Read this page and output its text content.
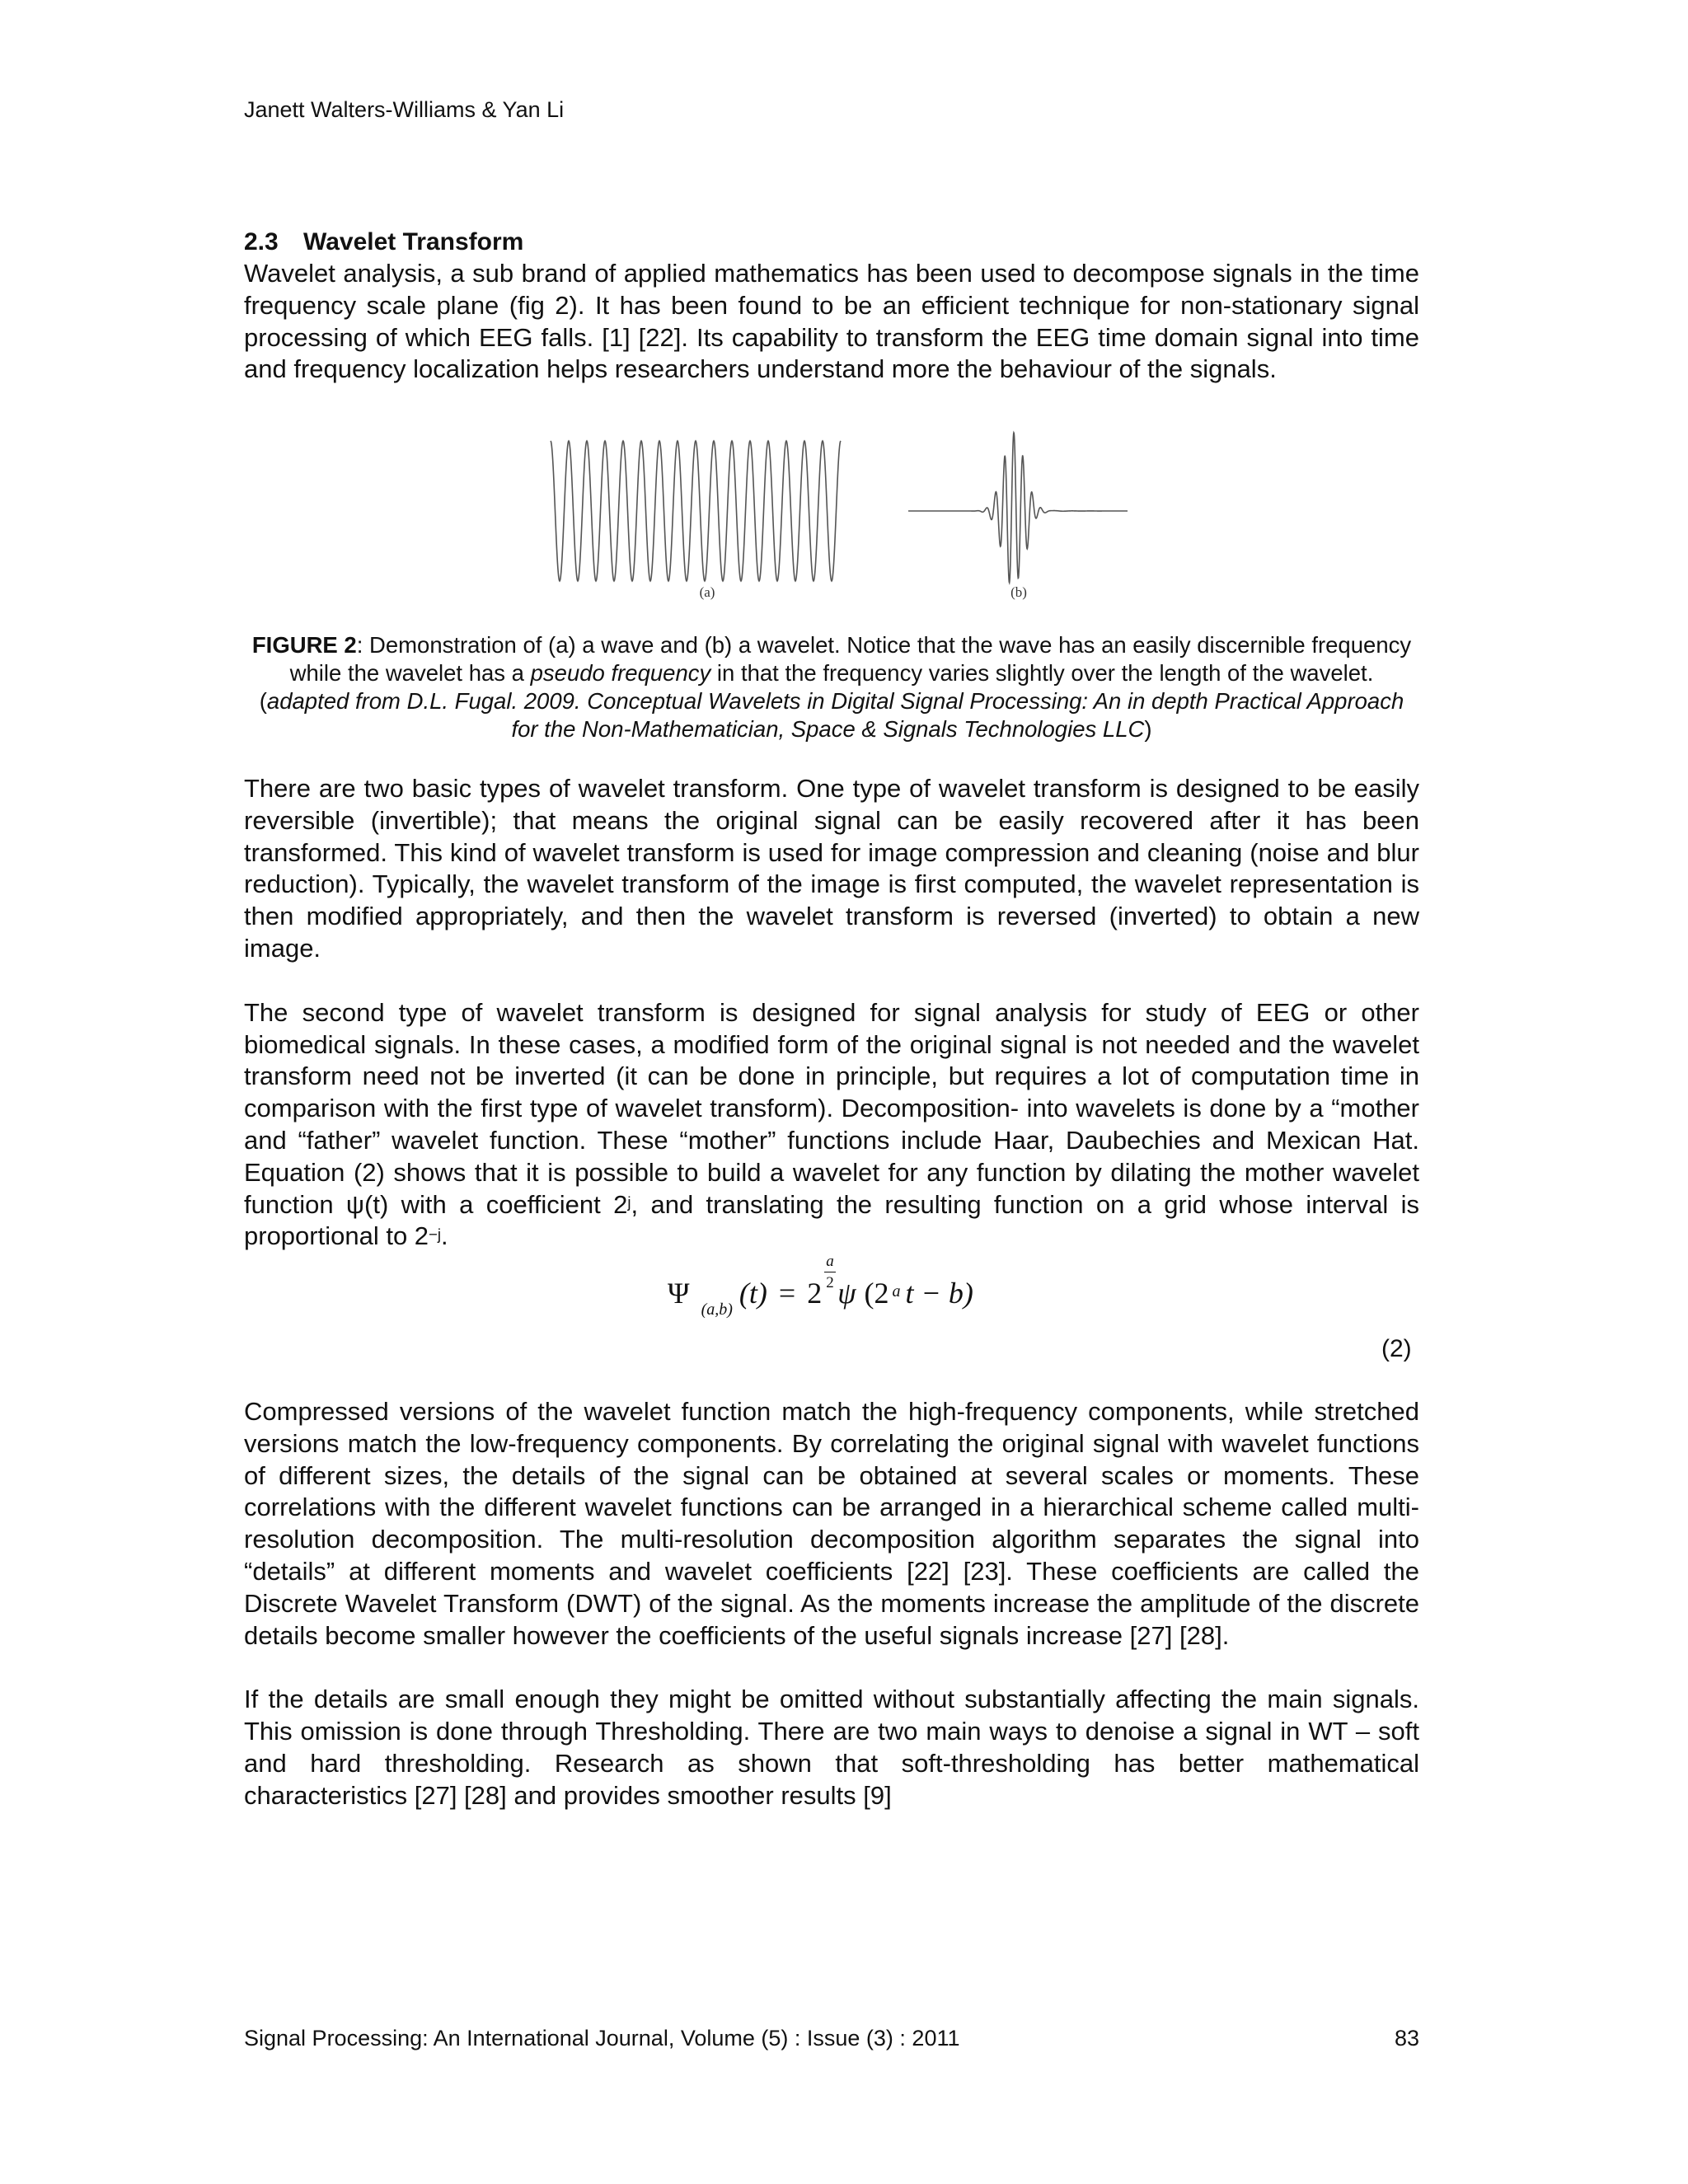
Janett Walters-Williams & Yan Li
2.3 Wavelet Transform
Wavelet analysis, a sub brand of applied mathematics has been used to decompose signals in the time frequency scale plane (fig 2). It has been found to be an efficient technique for non-stationary signal processing of which EEG falls. [1] [22]. Its capability to transform the EEG time domain signal into time and frequency localization helps researchers understand more the behaviour of the signals.
(a)	(b)
FIGURE 2: Demonstration of (a) a wave and (b) a wavelet. Notice that the wave has an easily discernible frequency while the wavelet has a pseudo frequency in that the frequency varies slightly over the length of the wavelet. (adapted from D.L. Fugal. 2009. Conceptual Wavelets in Digital Signal Processing: An in depth Practical Approach for the Non-Mathematician, Space & Signals Technologies LLC)
There are two basic types of wavelet transform. One type of wavelet transform is designed to be easily reversible (invertible); that means the original signal can be easily recovered after it has been transformed. This kind of wavelet transform is used for image compression and cleaning (noise and blur reduction). Typically, the wavelet transform of the image is first computed, the wavelet representation is then modified appropriately, and then the wavelet transform is reversed (inverted) to obtain a new image.
The second type of wavelet transform is designed for signal analysis for study of EEG or other biomedical signals. In these cases, a modified form of the original signal is not needed and the wavelet transform need not be inverted (it can be done in principle, but requires a lot of computation time in comparison with the first type of wavelet transform). Decomposition- into wavelets is done by a “mother and “father” wavelet function. These “mother” functions include Haar, Daubechies and Mexican Hat. Equation (2) shows that it is possible to build a wavelet for any function by dilating the mother wavelet function ψ(t) with a coefficient 2$^j$, and translating the resulting function on a grid whose interval is proportional to $2^{-j}$.
Ψ $_{(a,b)}$ $(t) = 2 \frac{a}{2}$ ψ (2 $^a$ t − b)
(2)
Compressed versions of the wavelet function match the high-frequency components, while stretched versions match the low-frequency components. By correlating the original signal with wavelet functions of different sizes, the details of the signal can be obtained at several scales or moments. These correlations with the different wavelet functions can be arranged in a hierarchical scheme called multi-resolution decomposition. The multi-resolution decomposition algorithm separates the signal into “details” at different moments and wavelet coefficients [22] [23]. These coefficients are called the Discrete Wavelet Transform (DWT) of the signal. As the moments increase the amplitude of the discrete details become smaller however the coefficients of the useful signals increase [27] [28].
If the details are small enough they might be omitted without substantially affecting the main signals. This omission is done through Thresholding. There are two main ways to denoise a signal in WT – soft and hard thresholding. Research as shown that soft-thresholding has better mathematical characteristics [27] [28] and provides smoother results [9]
Signal Processing: An International Journal, Volume (5) : Issue (3) : 2011	83
